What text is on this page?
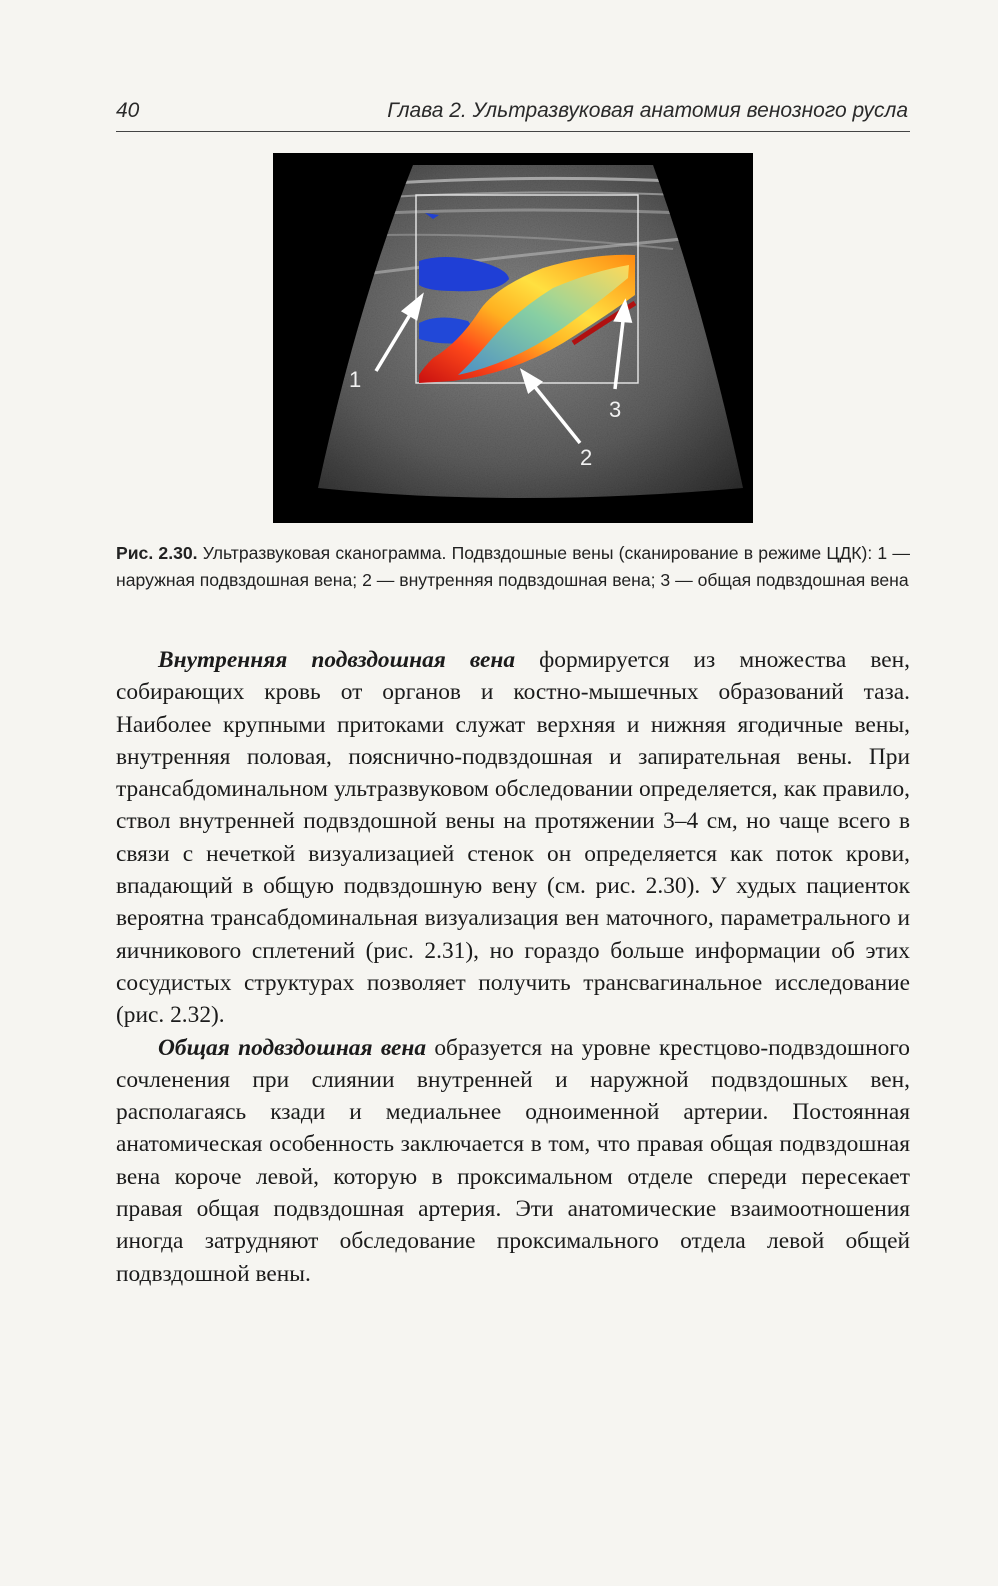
40	Глава 2. Ультразвуковая анатомия венозного русла
1
2
3
Рис. 2.30. Ультразвуковая сканограмма. Подвздошные вены (сканирование в режиме ЦДК): 1 — наружная подвздошная вена; 2 — внутренняя подвздошная вена; 3 — общая подвздошная вена

Внутренняя подвздошная вена формируется из множества вен, собирающих кровь от органов и костно-мышечных образований таза. Наиболее крупными притоками служат верхняя и нижняя ягодичные вены, внутренняя половая, пояснично-подвздошная и запирательная вены. При трансабдоминальном ультразвуковом обследовании определяется, как правило, ствол внутренней подвздошной вены на протяжении 3–4 см, но чаще всего в связи с нечеткой визуализацией стенок он определяется как поток крови, впадающий в общую подвздошную вену (см. рис. 2.30). У худых пациенток вероятна трансабдоминальная визуализация вен маточного, параметрального и яичникового сплетений (рис. 2.31), но гораздо больше информации об этих сосудистых структурах позволяет получить трансвагинальное исследование (рис. 2.32).

Общая подвздошная вена образуется на уровне крестцово-подвздошного сочленения при слиянии внутренней и наружной подвздошных вен, располагаясь кзади и медиальнее одноименной артерии. Постоянная анатомическая особенность заключается в том, что правая общая подвздошная вена короче левой, которую в проксимальном отделе спереди пересекает правая общая подвздошная артерия. Эти анатомические взаимоотношения иногда затрудняют обследование проксимального отдела левой общей подвздошной вены.
